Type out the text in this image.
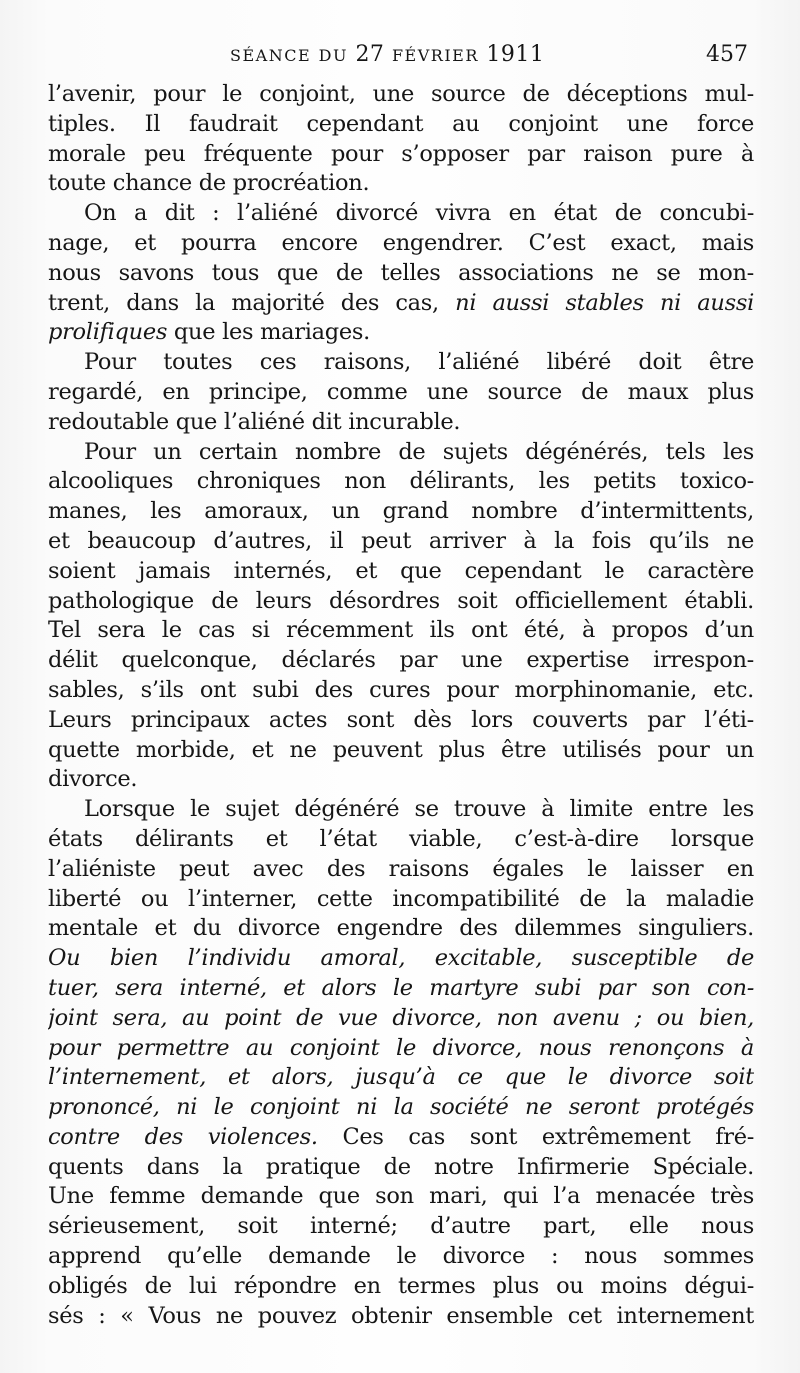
SÉANCE DU 27 FÉVRIER 1911	457
l’avenir, pour le conjoint, une source de déceptions mul-
tiples. Il faudrait cependant au conjoint une force
morale peu fréquente pour s’opposer par raison pure à
toute chance de procréation.
On a dit : l’aliéné divorcé vivra en état de concubi-
nage, et pourra encore engendrer. C’est exact, mais
nous savons tous que de telles associations ne se mon-
trent, dans la majorité des cas, ni aussi stables ni aussi
prolifiques que les mariages.
Pour toutes ces raisons, l’aliéné libéré doit être
regardé, en principe, comme une source de maux plus
redoutable que l’aliéné dit incurable.
Pour un certain nombre de sujets dégénérés, tels les
alcooliques chroniques non délirants, les petits toxico-
manes, les amoraux, un grand nombre d’intermittents,
et beaucoup d’autres, il peut arriver à la fois qu’ils ne
soient jamais internés, et que cependant le caractère
pathologique de leurs désordres soit officiellement établi.
Tel sera le cas si récemment ils ont été, à propos d’un
délit quelconque, déclarés par une expertise irrespon-
sables, s’ils ont subi des cures pour morphinomanie, etc.
Leurs principaux actes sont dès lors couverts par l’éti-
quette morbide, et ne peuvent plus être utilisés pour un
divorce.
Lorsque le sujet dégénéré se trouve à limite entre les
états délirants et l’état viable, c’est-à-dire lorsque
l’aliéniste peut avec des raisons égales le laisser en
liberté ou l’interner, cette incompatibilité de la maladie
mentale et du divorce engendre des dilemmes singuliers.
Ou bien l’individu amoral, excitable, susceptible de
tuer, sera interné, et alors le martyre subi par son con-
joint sera, au point de vue divorce, non avenu ; ou bien,
pour permettre au conjoint le divorce, nous renonçons à
l’internement, et alors, jusqu’à ce que le divorce soit
prononcé, ni le conjoint ni la société ne seront protégés
contre des violences. Ces cas sont extrêmement fré-
quents dans la pratique de notre Infirmerie Spéciale.
Une femme demande que son mari, qui l’a menacée très
sérieusement, soit interné; d’autre part, elle nous
apprend qu’elle demande le divorce : nous sommes
obligés de lui répondre en termes plus ou moins dégui-
sés : « Vous ne pouvez obtenir ensemble cet internement
